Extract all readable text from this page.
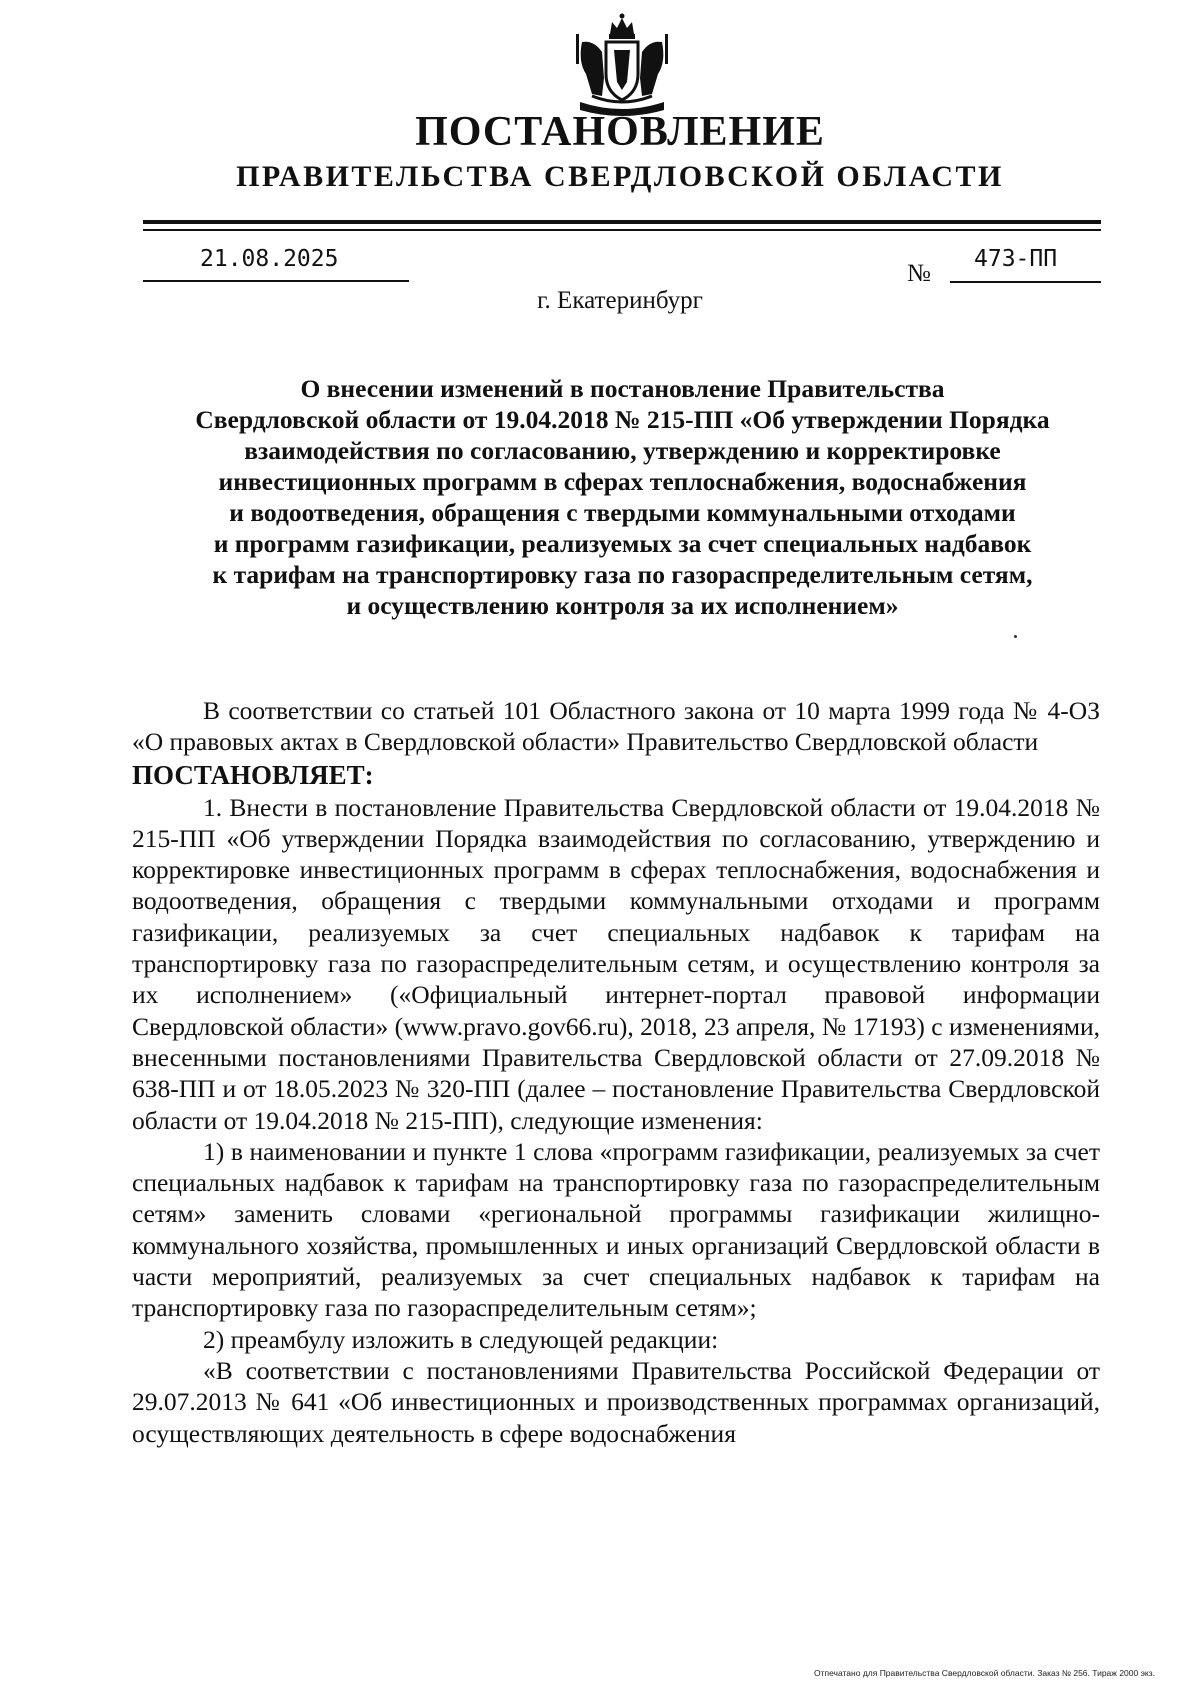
ПОСТАНОВЛЕНИЕ
ПРАВИТЕЛЬСТВА СВЕРДЛОВСКОЙ ОБЛАСТИ
21.08.2025
№
473-ПП
г. Екатеринбург
О внесении изменений в постановление Правительства
Свердловской области от 19.04.2018 № 215-ПП «Об утверждении Порядка
взаимодействия по согласованию, утверждению и корректировке
инвестиционных программ в сферах теплоснабжения, водоснабжения
и водоотведения, обращения с твердыми коммунальными отходами
и программ газификации, реализуемых за счет специальных надбавок
к тарифам на транспортировку газа по газораспределительным сетям,
и осуществлению контроля за их исполнением»

В соответствии со статьей 101 Областного закона от 10 марта 1999 года № 4-ОЗ «О правовых актах в Свердловской области» Правительство Свердловской области

ПОСТАНОВЛЯЕТ:

1. Внести в постановление Правительства Свердловской области от 19.04.2018 № 215-ПП «Об утверждении Порядка взаимодействия по согласованию, утверждению и корректировке инвестиционных программ в сферах теплоснабжения, водоснабжения и водоотведения, обращения с твердыми коммунальными отходами и программ газификации, реализуемых за счет специальных надбавок к тарифам на транспортировку газа по газораспределительным сетям, и осуществлению контроля за их исполнением» («Официальный интернет-портал правовой информации Свердловской области» (www.pravo.gov66.ru), 2018, 23 апреля, № 17193) с изменениями, внесенными постановлениями Правительства Свердловской области от 27.09.2018 № 638-ПП и от 18.05.2023 № 320-ПП (далее – постановление Правительства Свердловской области от 19.04.2018 № 215-ПП), следующие изменения:

1) в наименовании и пункте 1 слова «программ газификации, реализуемых за счет специальных надбавок к тарифам на транспортировку газа по газораспределительным сетям» заменить словами «региональной программы газификации жилищно-коммунального хозяйства, промышленных и иных организаций Свердловской области в части мероприятий, реализуемых за счет специальных надбавок к тарифам на транспортировку газа по газораспределительным сетям»;

2) преамбулу изложить в следующей редакции:

«В соответствии с постановлениями Правительства Российской Федерации от 29.07.2013 № 641 «Об инвестиционных и производственных программах организаций, осуществляющих деятельность в сфере водоснабжения

Отпечатано для Правительства Свердловской области. Заказ № 256. Тираж 2000 экз.
